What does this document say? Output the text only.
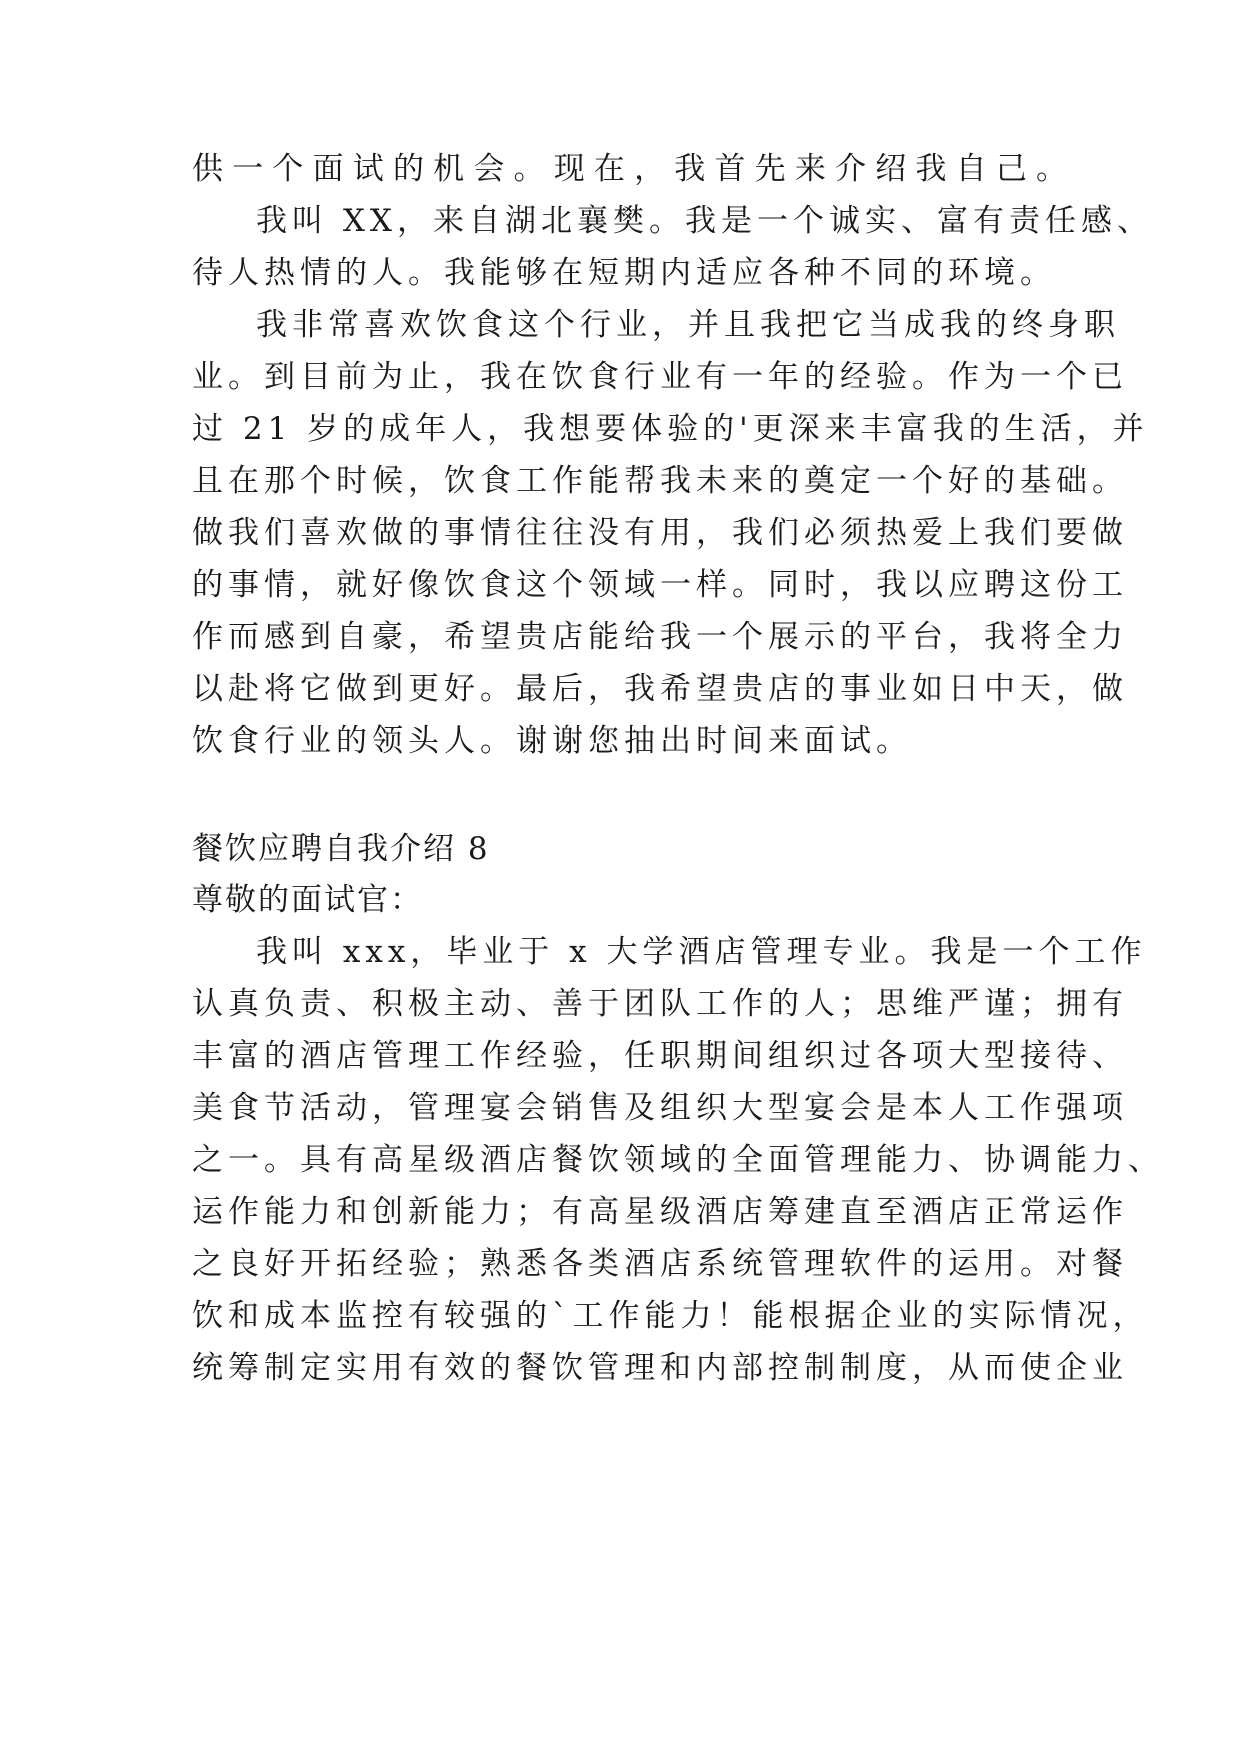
供一个面试的机会。现在，我首先来介绍我自己。
我叫 XX，来自湖北襄樊。我是一个诚实、富有责任感、
待人热情的人。我能够在短期内适应各种不同的环境。
我非常喜欢饮食这个行业，并且我把它当成我的终身职
业。到目前为止，我在饮食行业有一年的经验。作为一个已
过 21 岁的成年人，我想要体验的'更深来丰富我的生活，并
且在那个时候，饮食工作能帮我未来的奠定一个好的基础。
做我们喜欢做的事情往往没有用，我们必须热爱上我们要做
的事情，就好像饮食这个领域一样。同时，我以应聘这份工
作而感到自豪，希望贵店能给我一个展示的平台，我将全力
以赴将它做到更好。最后，我希望贵店的事业如日中天，做
饮食行业的领头人。谢谢您抽出时间来面试。
餐饮应聘自我介绍 8
尊敬的面试官：
我叫 xxx，毕业于 x 大学酒店管理专业。我是一个工作
认真负责、积极主动、善于团队工作的人；思维严谨；拥有
丰富的酒店管理工作经验，任职期间组织过各项大型接待、
美食节活动，管理宴会销售及组织大型宴会是本人工作强项
之一。具有高星级酒店餐饮领域的全面管理能力、协调能力、
运作能力和创新能力；有高星级酒店筹建直至酒店正常运作
之良好开拓经验；熟悉各类酒店系统管理软件的运用。对餐
饮和成本监控有较强的`工作能力！能根据企业的实际情况，
统筹制定实用有效的餐饮管理和内部控制制度，从而使企业
